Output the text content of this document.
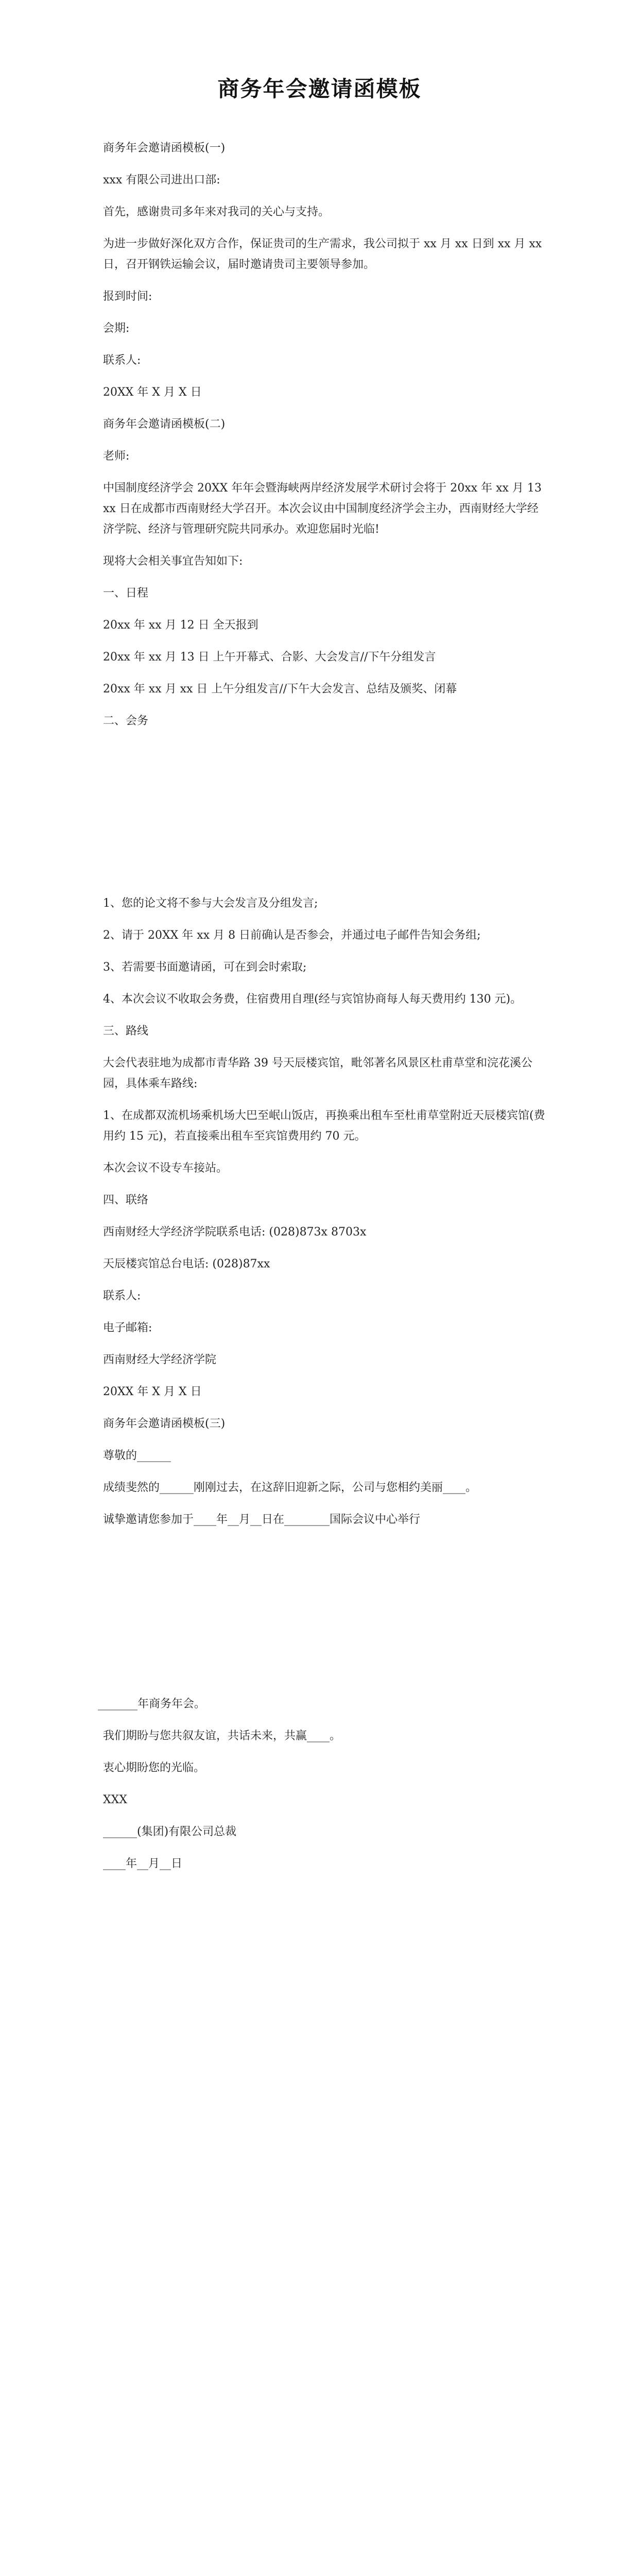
商务年会邀请函模板

商务年会邀请函模板(一)

xxx 有限公司进出口部:

首先，感谢贵司多年来对我司的关心与支持。

为进一步做好深化双方合作，保证贵司的生产需求，我公司拟于 xx 月 xx 日到 xx 月 xx 日，召开钢铁运输会议，届时邀请贵司主要领导参加。

报到时间:

会期:

联系人:

20XX 年 X 月 X 日

商务年会邀请函模板(二)

老师:

中国制度经济学会 20XX 年年会暨海峡两岸经济发展学术研讨会将于 20xx 年 xx 月 13xx 日在成都市西南财经大学召开。本次会议由中国制度经济学会主办，西南财经大学经济学院、经济与管理研究院共同承办。欢迎您届时光临!

现将大会相关事宜告知如下:

一、日程

20xx 年 xx 月 12 日 全天报到

20xx 年 xx 月 13 日 上午开幕式、合影、大会发言//下午分组发言

20xx 年 xx 月 xx 日 上午分组发言//下午大会发言、总结及颁奖、闭幕

二、会务

1、您的论文将不参与大会发言及分组发言;

2、请于 20XX 年 xx 月 8 日前确认是否参会，并通过电子邮件告知会务组;

3、若需要书面邀请函，可在到会时索取;

4、本次会议不收取会务费，住宿费用自理(经与宾馆协商每人每天费用约 130 元)。

三、路线

大会代表驻地为成都市青华路 39 号天辰楼宾馆，毗邻著名风景区杜甫草堂和浣花溪公园，具体乘车路线:

1、在成都双流机场乘机场大巴至岷山饭店，再换乘出租车至杜甫草堂附近天辰楼宾馆(费用约 15 元)，若直接乘出租车至宾馆费用约 70 元。

本次会议不设专车接站。

四、联络

西南财经大学经济学院联系电话: (028)873x 8703x

天辰楼宾馆总台电话: (028)87xx

联系人:

电子邮箱:

西南财经大学经济学院

20XX 年 X 月 X 日

商务年会邀请函模板(三)

尊敬的______

成绩斐然的______刚刚过去，在这辞旧迎新之际，公司与您相约美丽____。

诚挚邀请您参加于____年__月__日在________国际会议中心举行

_______年商务年会。

我们期盼与您共叙友谊，共话未来，共赢____。

衷心期盼您的光临。

XXX

______(集团)有限公司总裁

____年__月__日
